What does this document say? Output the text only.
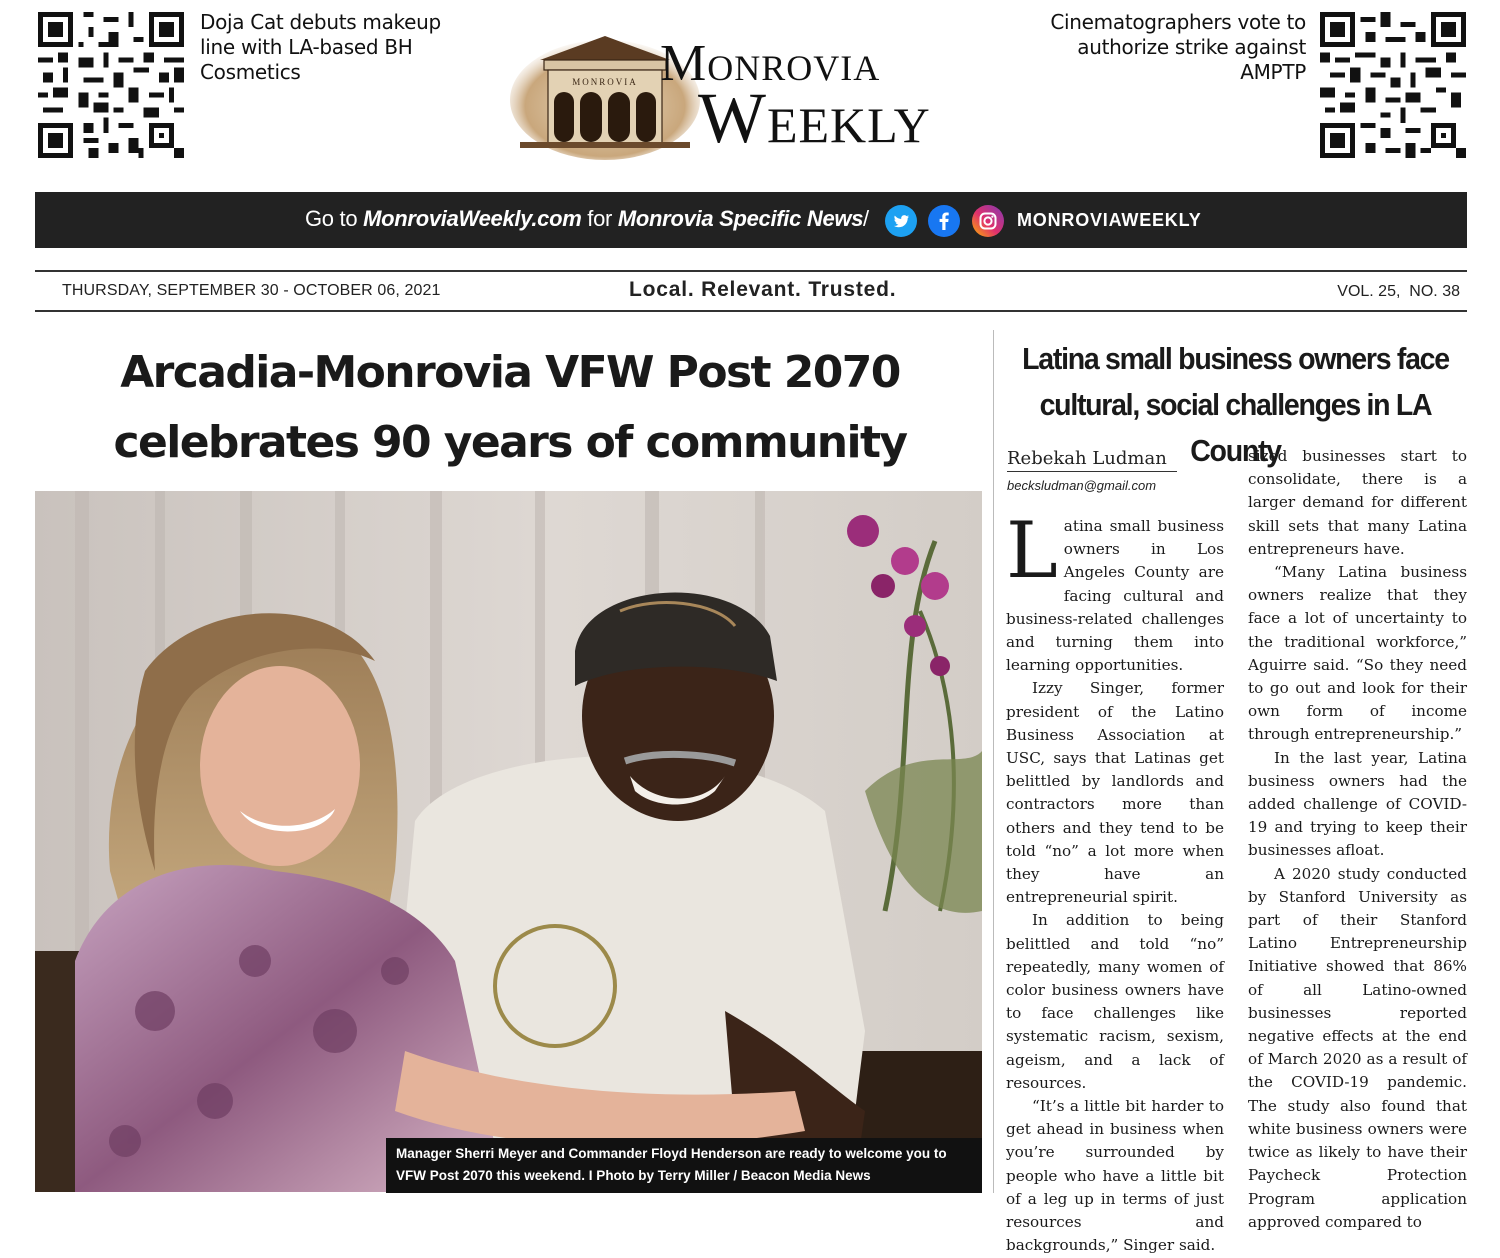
Doja Cat debuts makeup line with LA-based BH Cosmetics
Cinematographers vote to authorize strike against AMPTP
MONROVIA Monrovia
Weekly
Go to MonroviaWeekly.com for Monrovia Specific News /	MONROVIAWEEKLY
THURSDAY, SEPTEMBER 30 - OCTOBER 06, 2021	Local. Relevant. Trusted.	VOL. 25,  NO. 38
Arcadia-Monrovia VFW Post 2070
celebrates 90 years of community
Manager Sherri Meyer and Commander Floyd Henderson are ready to welcome you to VFW Post 2070 this weekend. I Photo by Terry Miller / Beacon Media News
Latina small business owners face
cultural, social challenges in LA County
Rebekah Ludman
becksludman@gmail.com

Latina small business owners in Los Angeles County are facing cultural and business-related challenges and turning them into learning opportunities.

Izzy Singer, former president of the Latino Business Association at USC, says that Latinas get belittled by landlords and contractors more than others and they tend to be told “no” a lot more when they have an entrepreneurial spirit.

In addition to being belittled and told “no” repeatedly, many women of color business owners have to face challenges like systematic racism, sexism, ageism, and a lack of resources.

“It’s a little bit harder to get ahead in business when you’re surrounded by people who have a little bit of a leg up in terms of just resources and backgrounds,” Singer said.

sized businesses start to consolidate, there is a larger demand for different skill sets that many Latina entrepreneurs have.

“Many Latina business owners realize that they face a lot of uncertainty to the traditional workforce,” Aguirre said. “So they need to go out and look for their own form of income through entrepreneurship.”

In the last year, Latina business owners had the added challenge of COVID-19 and trying to keep their businesses afloat.

A 2020 study conducted by Stanford University as part of their Stanford Latino Entrepreneurship Initiative showed that 86% of all Latino-owned businesses reported negative effects at the end of March 2020 as a result of the COVID-19 pandemic. The study also found that white business owners were twice as likely to have their Paycheck Protection Program application approved compared to
